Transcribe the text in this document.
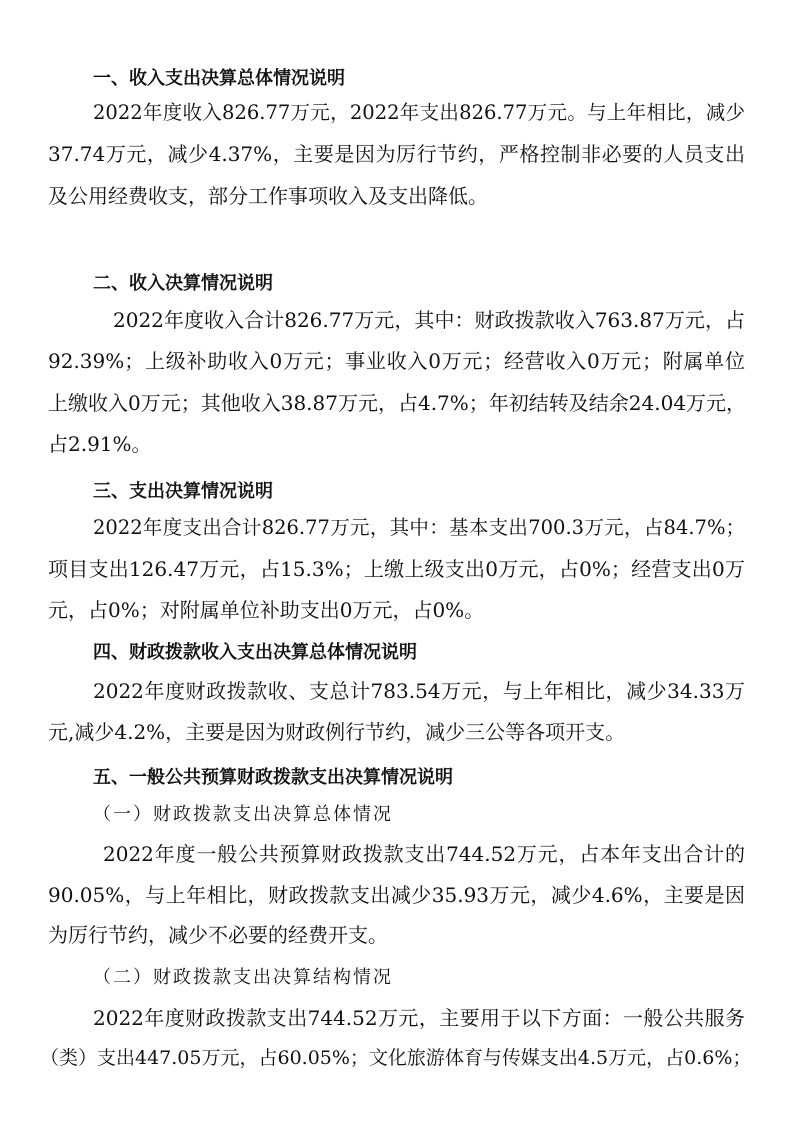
一、收入支出决算总体情况说明
2022年度收入826.77万元，2022年支出826.77万元。与上年相比，减少
37.74万元，减少4.37%，主要是因为厉行节约，严格控制非必要的人员支出
及公用经费收支，部分工作事项收入及支出降低。
二、收入决算情况说明
2022年度收入合计826.77万元，其中：财政拨款收入763.87万元，占
92.39%；上级补助收入0万元；事业收入0万元；经营收入0万元；附属单位
上缴收入0万元；其他收入38.87万元，占4.7%；年初结转及结余24.04万元，
占2.91%。
三、支出决算情况说明
2022年度支出合计826.77万元，其中：基本支出700.3万元，占84.7%；
项目支出126.47万元，占15.3%；上缴上级支出0万元，占0%；经营支出0万
元，占0%；对附属单位补助支出0万元，占0%。
四、财政拨款收入支出决算总体情况说明
2022年度财政拨款收、支总计783.54万元，与上年相比，减少34.33万
元,减少4.2%，主要是因为财政例行节约，减少三公等各项开支。
五、一般公共预算财政拨款支出决算情况说明
（一）财政拨款支出决算总体情况
2022年度一般公共预算财政拨款支出744.52万元，占本年支出合计的
90.05%，与上年相比，财政拨款支出减少35.93万元，减少4.6%，主要是因
为厉行节约，减少不必要的经费开支。
（二）财政拨款支出决算结构情况
2022年度财政拨款支出744.52万元，主要用于以下方面：一般公共服务
（类）支出447.05万元，占60.05%；文化旅游体育与传媒支出4.5万元，占0.6%；
